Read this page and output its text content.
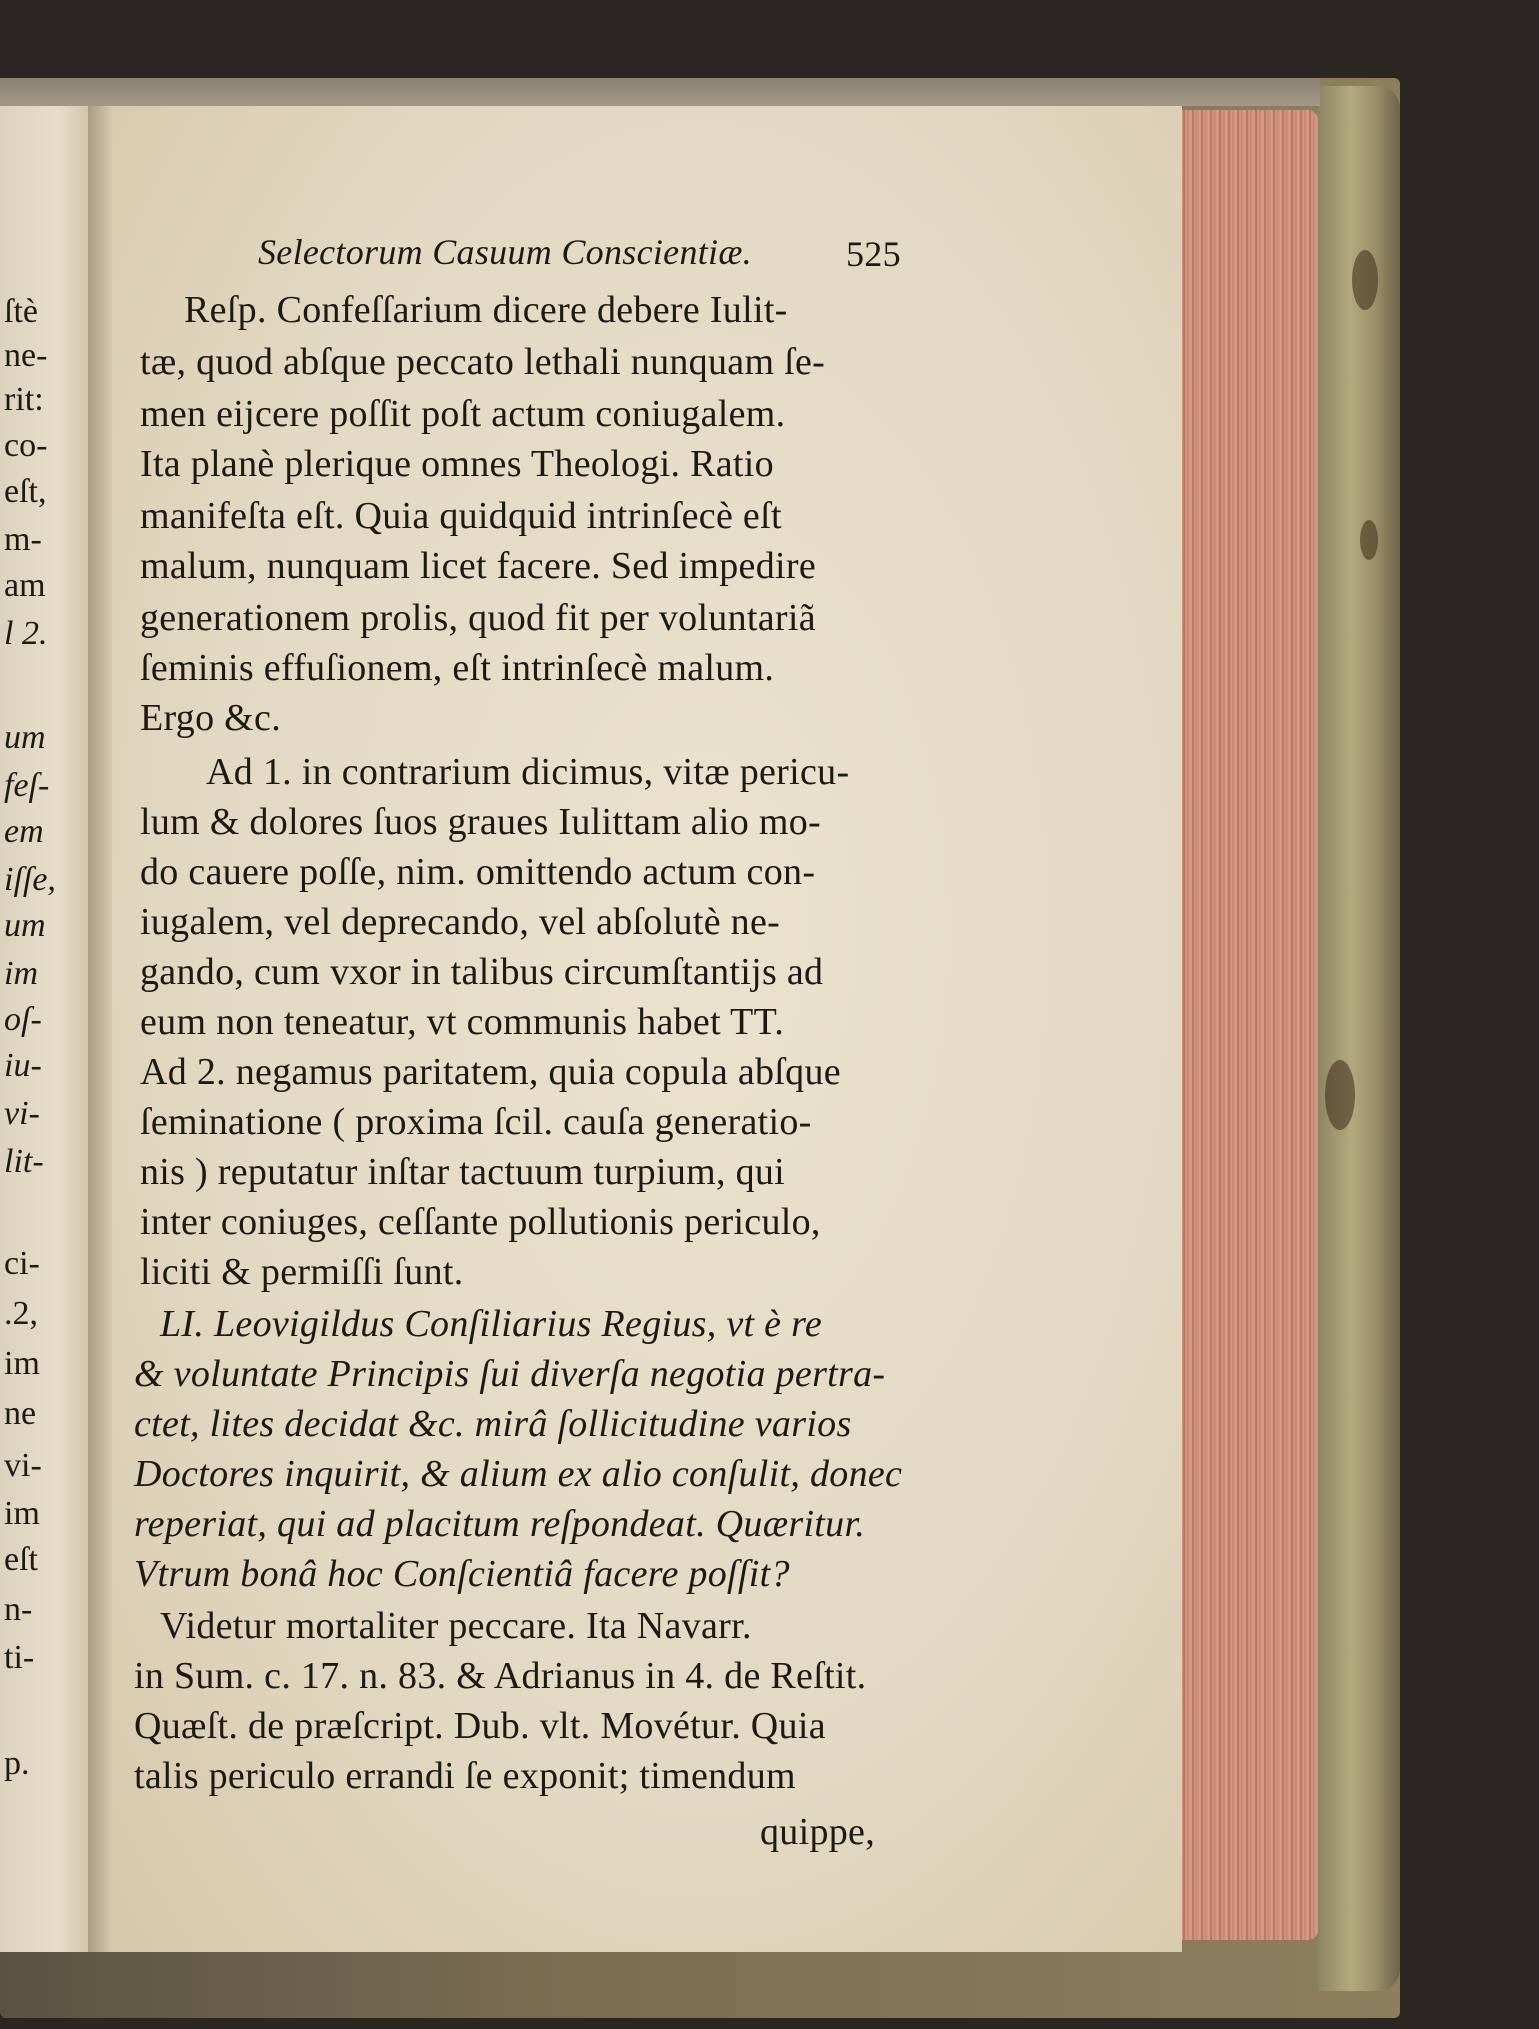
ſtè
ne-
rit:
co-
eſt,
m-
am
l 2.
um
feſ-
em
iſſe,
um
im
oſ-
iu-
vi-
lit-
ci-
.2,
im
ne
vi-
im
eſt
n-
ti-
p.
Selectorum Casuum Conscientiæ.	525
Reſp. Confeſſarium dicere debere Iulit-
tæ, quod abſque peccato lethali nunquam ſe-
men eijcere poſſit poſt actum coniugalem.
Ita planè plerique omnes Theologi. Ratio
manifeſta eſt. Quia quidquid intrinſecè eſt
malum, nunquam licet facere. Sed impedire
generationem prolis, quod fit per voluntariã
ſeminis effuſionem, eſt intrinſecè malum.
Ergo &c.
Ad 1. in contrarium dicimus, vitæ pericu-
lum & dolores ſuos graues Iulittam alio mo-
do cauere poſſe, nim. omittendo actum con-
iugalem, vel deprecando, vel abſolutè ne-
gando, cum vxor in talibus circumſtantijs ad
eum non teneatur, vt communis habet TT.
Ad 2. negamus paritatem, quia copula abſque
ſeminatione ( proxima ſcil. cauſa generatio-
nis ) reputatur inſtar tactuum turpium, qui
inter coniuges, ceſſante pollutionis periculo,
liciti & permiſſi ſunt.
LI. Leovigildus Conſiliarius Regius, vt è re
& voluntate Principis ſui diverſa negotia pertra-
ctet, lites decidat &c. mirâ ſollicitudine varios
Doctores inquirit, & alium ex alio conſulit, donec
reperiat, qui ad placitum reſpondeat. Quæritur.
Vtrum bonâ hoc Conſcientiâ facere poſſit?
Videtur mortaliter peccare. Ita Navarr.
in Sum. c. 17. n. 83. & Adrianus in 4. de Reſtit.
Quæſt. de præſcript. Dub. vlt. Movétur. Quia
talis periculo errandi ſe exponit; timendum
quippe,
